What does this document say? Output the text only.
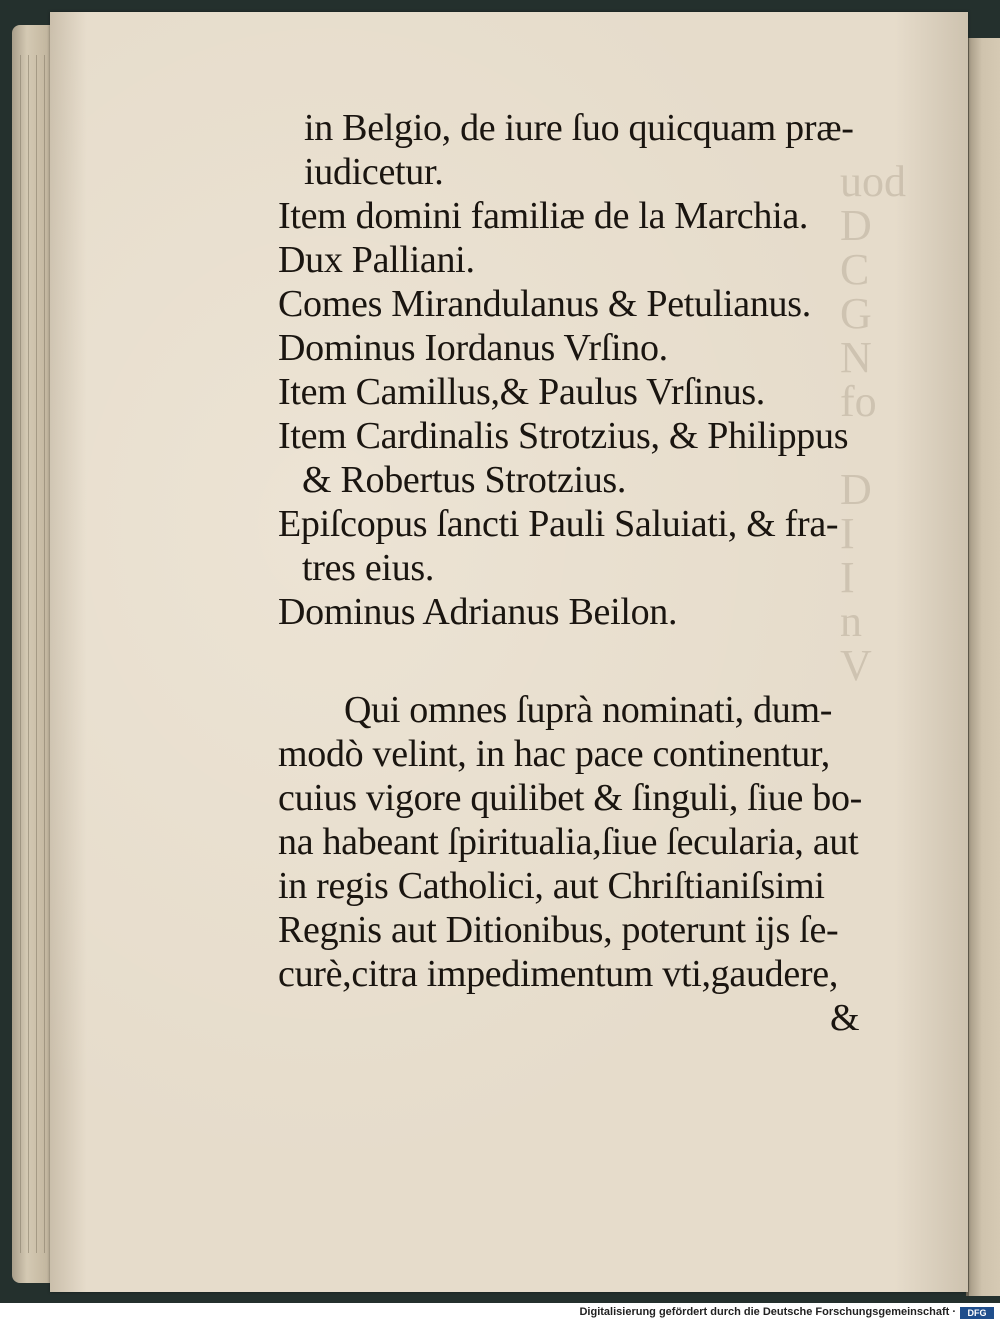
uod
D
C
G
N
fo

D
I
I
n
V
in Belgio, de iure ſuo quicquam præ-
iudicetur.
Item domini familiæ de la Marchia.
Dux Palliani.
Comes Mirandulanus & Petulianus.
Dominus Iordanus Vrſino.
Item Camillus,& Paulus Vrſinus.
Item Cardinalis Strotzius, & Philippus
& Robertus Strotzius.
Epiſcopus ſancti Pauli Saluiati, & fra-
tres eius.
Dominus Adrianus Beilon.
Qui omnes ſuprà nominati, dum-
modò velint, in hac pace continentur,
cuius vigore quilibet & ſinguli, ſiue bo-
na habeant ſpiritualia,ſiue ſecularia, aut
in regis Catholici, aut Chriſtianiſsimi
Regnis aut Ditionibus, poterunt ijs ſe-
curè,citra impedimentum vti,gaudere,
&
Digitalisierung gefördert durch die Deutsche Forschungsgemeinschaft ·	DFG
